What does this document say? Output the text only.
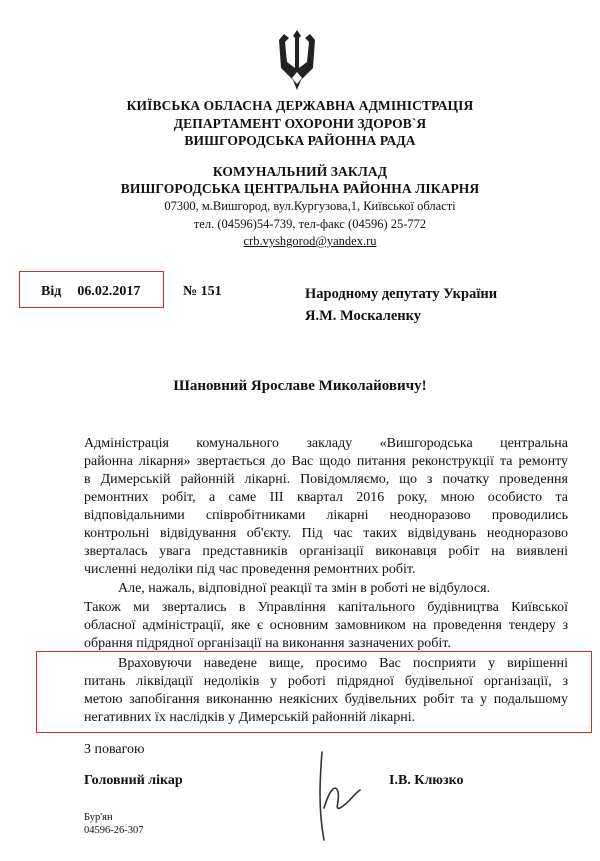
КИЇВСЬКА ОБЛАСНА ДЕРЖАВНА АДМІНІСТРАЦІЯ
ДЕПАРТАМЕНТ ОХОРОНИ ЗДОРОВ`Я
ВИШГОРОДСЬКА РАЙОННА РАДА
КОМУНАЛЬНИЙ ЗАКЛАД
ВИШГОРОДСЬКА ЦЕНТРАЛЬНА РАЙОННА ЛІКАРНЯ
07300, м.Вишгород, вул.Кургузова,1, Київської області
тел. (04596)54-739, тел-факс (04596) 25-772
crb.vyshgorod@yandex.ru
Від 06.02.2017	№ 151	Народному депутату України
Я.М. Москаленку
Шановний Ярославе Миколайовичу!
Адміністрація комунального закладу «Вишгородська центральна
районна лікарня» звертається до Вас щодо питання реконструкції та ремонту
в Димерській районній лікарні. Повідомляємо, що з початку проведення
ремонтних робіт, а саме ІІІ квартал 2016 року, мною особисто та
відповідальними співробітниками лікарні неодноразово проводились
контрольні відвідування об'єкту. Під час таких відвідувань неодноразово
зверталась увага представників організації виконавця робіт на виявлені
численні недоліки під час проведення ремонтних робіт.
Але, нажаль, відповідної реакції та змін в роботі не відбулося.
Також ми звертались в Управління капітального будівництва Київської
обласної адміністрації, яке є основним замовником на проведення тендеру з
обрання підрядної організації на виконання зазначених робіт.
Враховуючи наведене вище, просимо Вас посприяти у вирішенні
питань ліквідації недоліків у роботі підрядної будівельної організації, з
метою запобігання виконанню неякісних будівельних робіт та у подальшому
негативних їх наслідків у Димерській районній лікарні.
З повагою
Головний лікар	І.В. Клюзко
Бур'ян
04596-26-307
